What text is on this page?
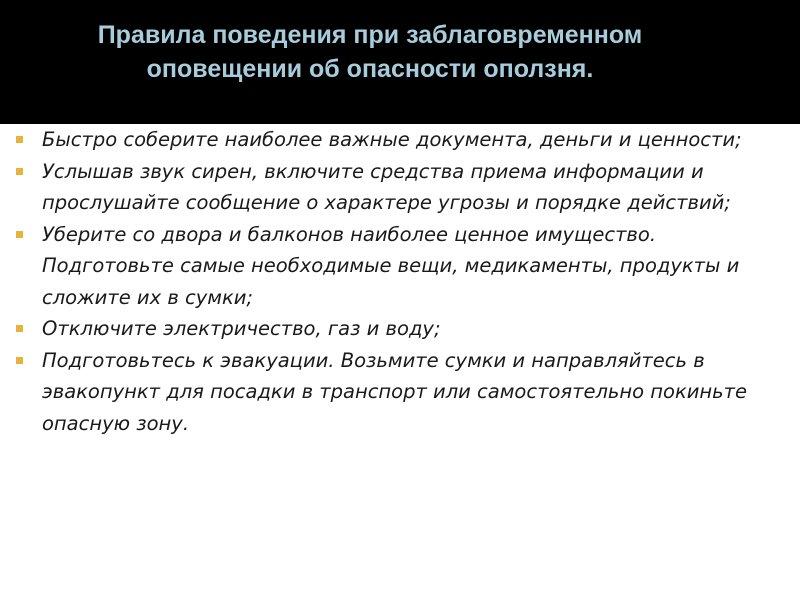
Правила поведения при заблаговременном
оповещении об опасности оползня.
Быстро соберите наиболее важные документа, деньги и ценности;
Услышав звук сирен, включите средства приема информации и прослушайте сообщение о характере угрозы и порядке действий;
Уберите со двора и балконов наиболее ценное имущество. Подготовьте самые необходимые вещи, медикаменты, продукты и сложите их в сумки;
Отключите электричество, газ и воду;
Подготовьтесь к эвакуации. Возьмите сумки и направляйтесь в эвакопункт для посадки в транспорт или самостоятельно покиньте опасную зону.
